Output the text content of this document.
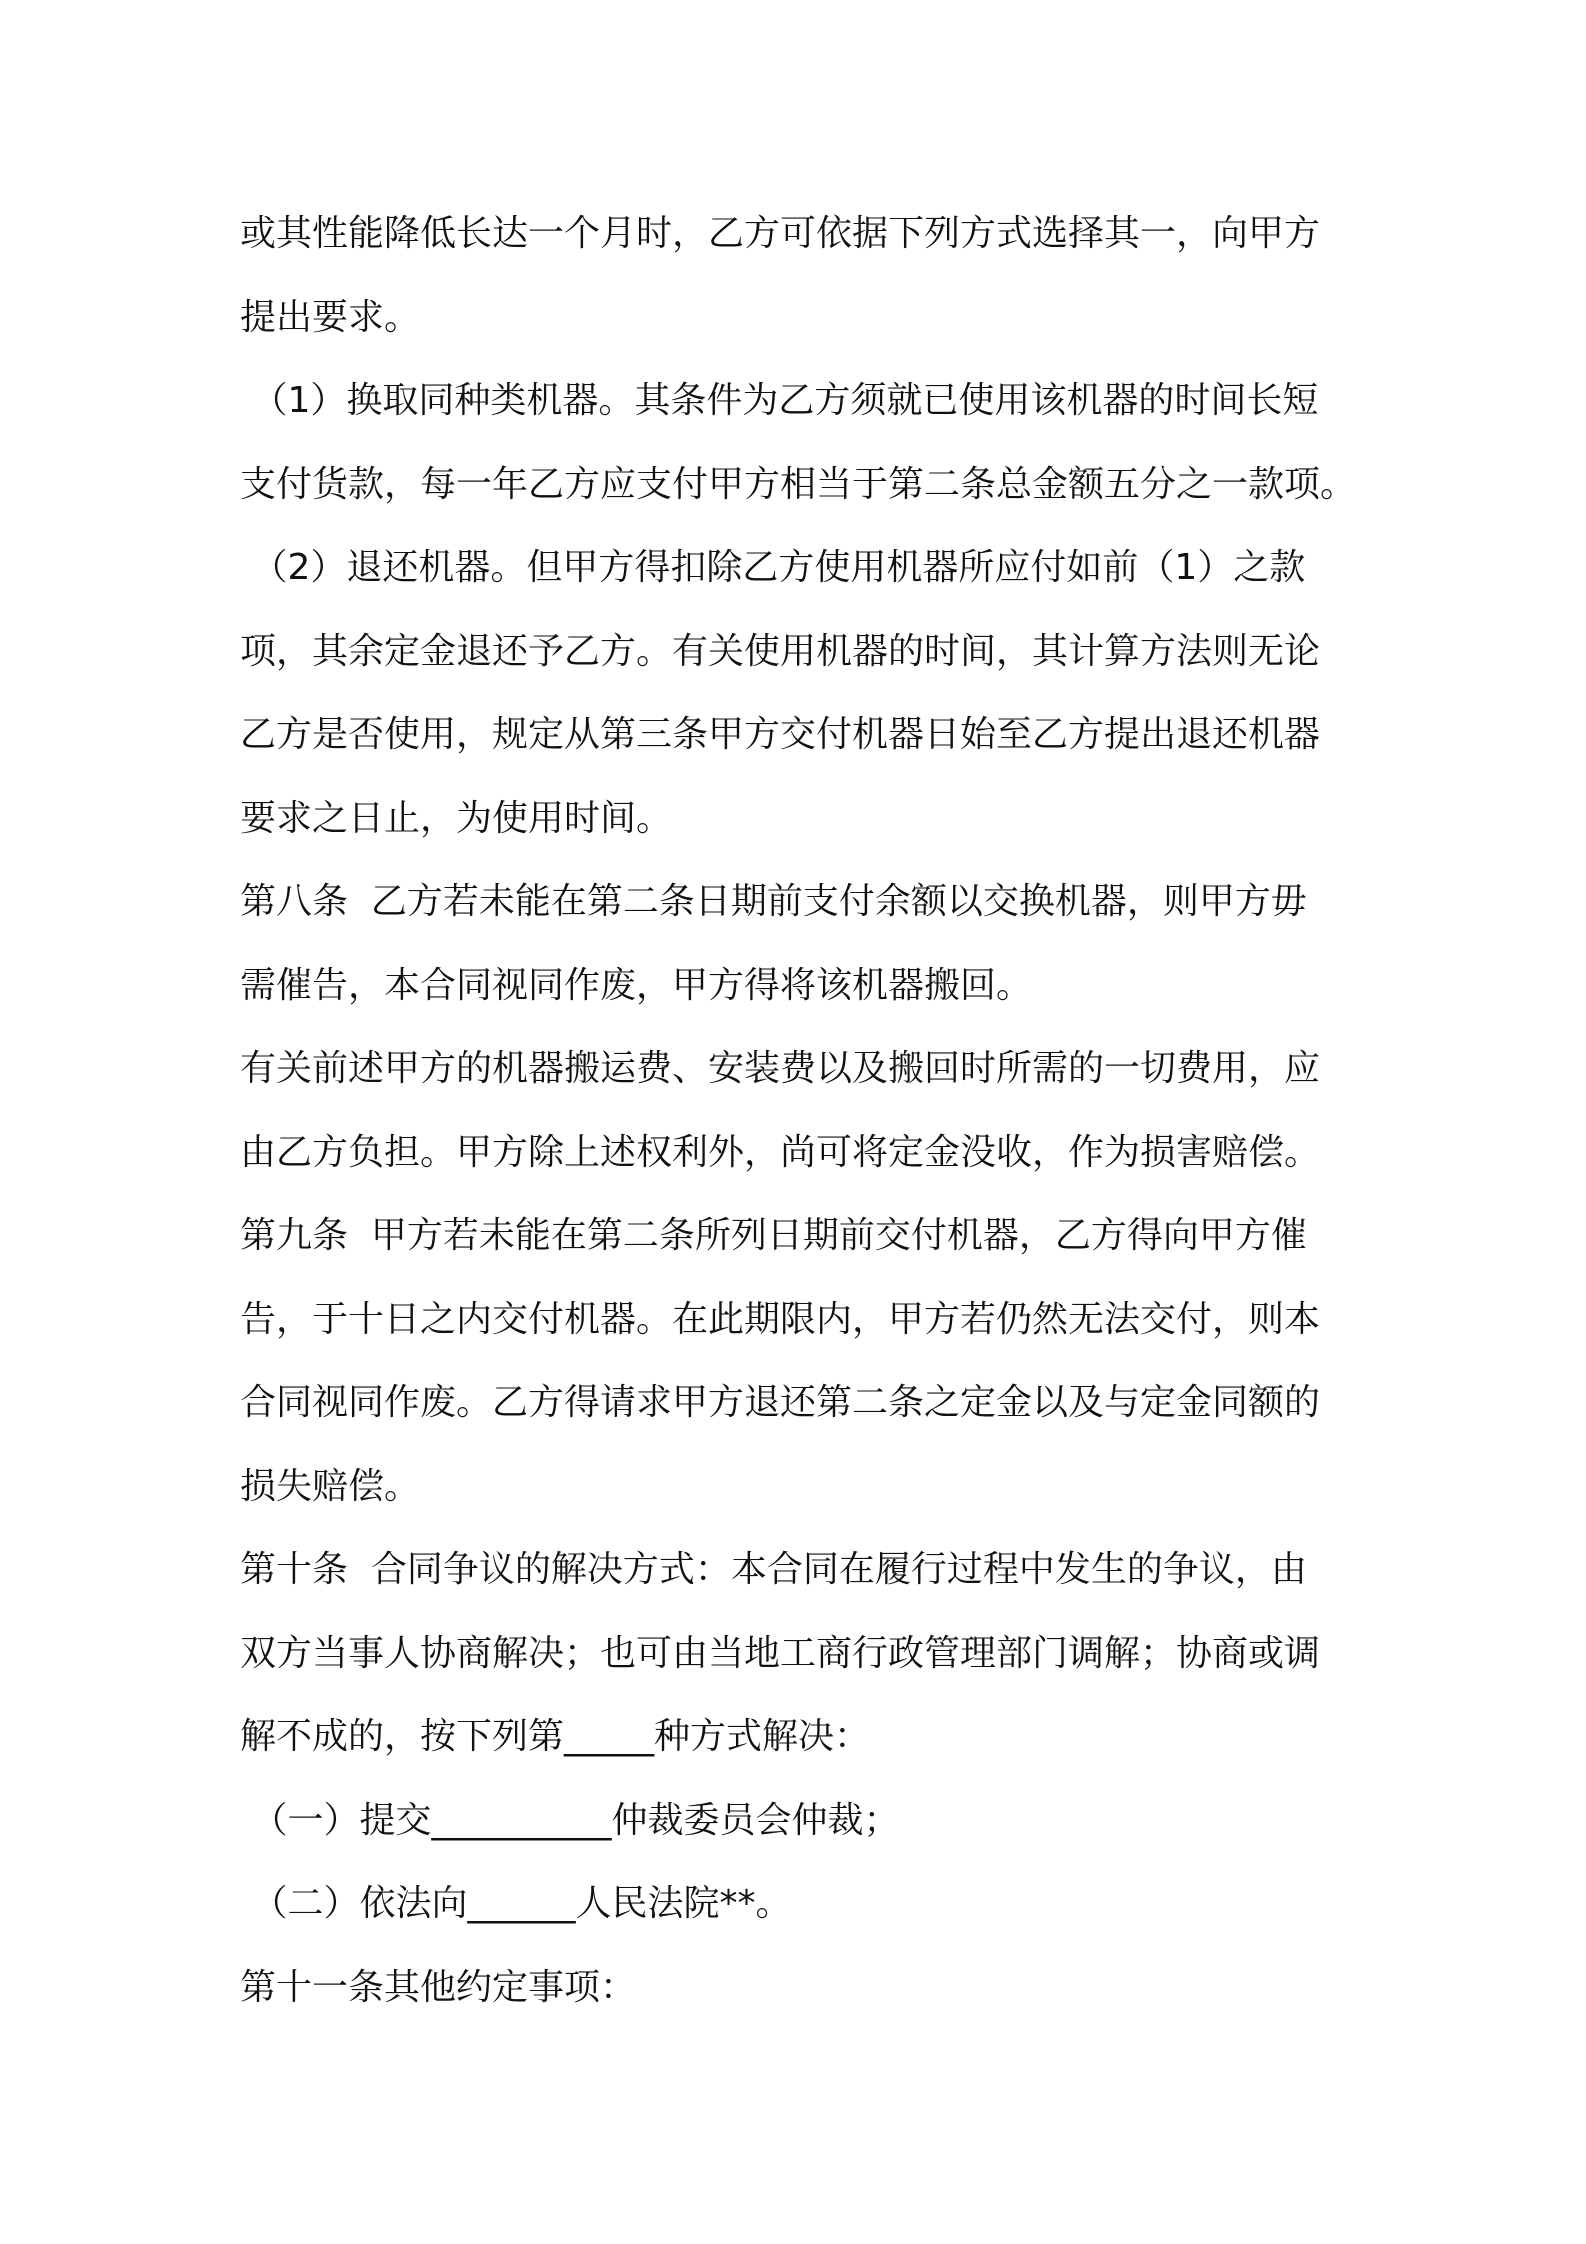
或其性能降低长达一个月时，乙方可依据下列方式选择其一，向甲方
提出要求。
（1）换取同种类机器。其条件为乙方须就已使用该机器的时间长短
支付货款，每一年乙方应支付甲方相当于第二条总金额五分之一款项。
（2）退还机器。但甲方得扣除乙方使用机器所应付如前（1）之款
项，其余定金退还予乙方。有关使用机器的时间，其计算方法则无论
乙方是否使用，规定从第三条甲方交付机器日始至乙方提出退还机器
要求之日止，为使用时间。
第八条  乙方若未能在第二条日期前支付余额以交换机器，则甲方毋
需催告，本合同视同作废，甲方得将该机器搬回。
有关前述甲方的机器搬运费、安装费以及搬回时所需的一切费用，应
由乙方负担。甲方除上述权利外，尚可将定金没收，作为损害赔偿。
第九条  甲方若未能在第二条所列日期前交付机器，乙方得向甲方催
告，于十日之内交付机器。在此期限内，甲方若仍然无法交付，则本
合同视同作废。乙方得请求甲方退还第二条之定金以及与定金同额的
损失赔偿。
第十条  合同争议的解决方式：本合同在履行过程中发生的争议，由
双方当事人协商解决；也可由当地工商行政管理部门调解；协商或调
解不成的，按下列第_____种方式解决：
（一）提交__________仲裁委员会仲裁；
（二）依法向______人民法院**。
第十一条其他约定事项：
